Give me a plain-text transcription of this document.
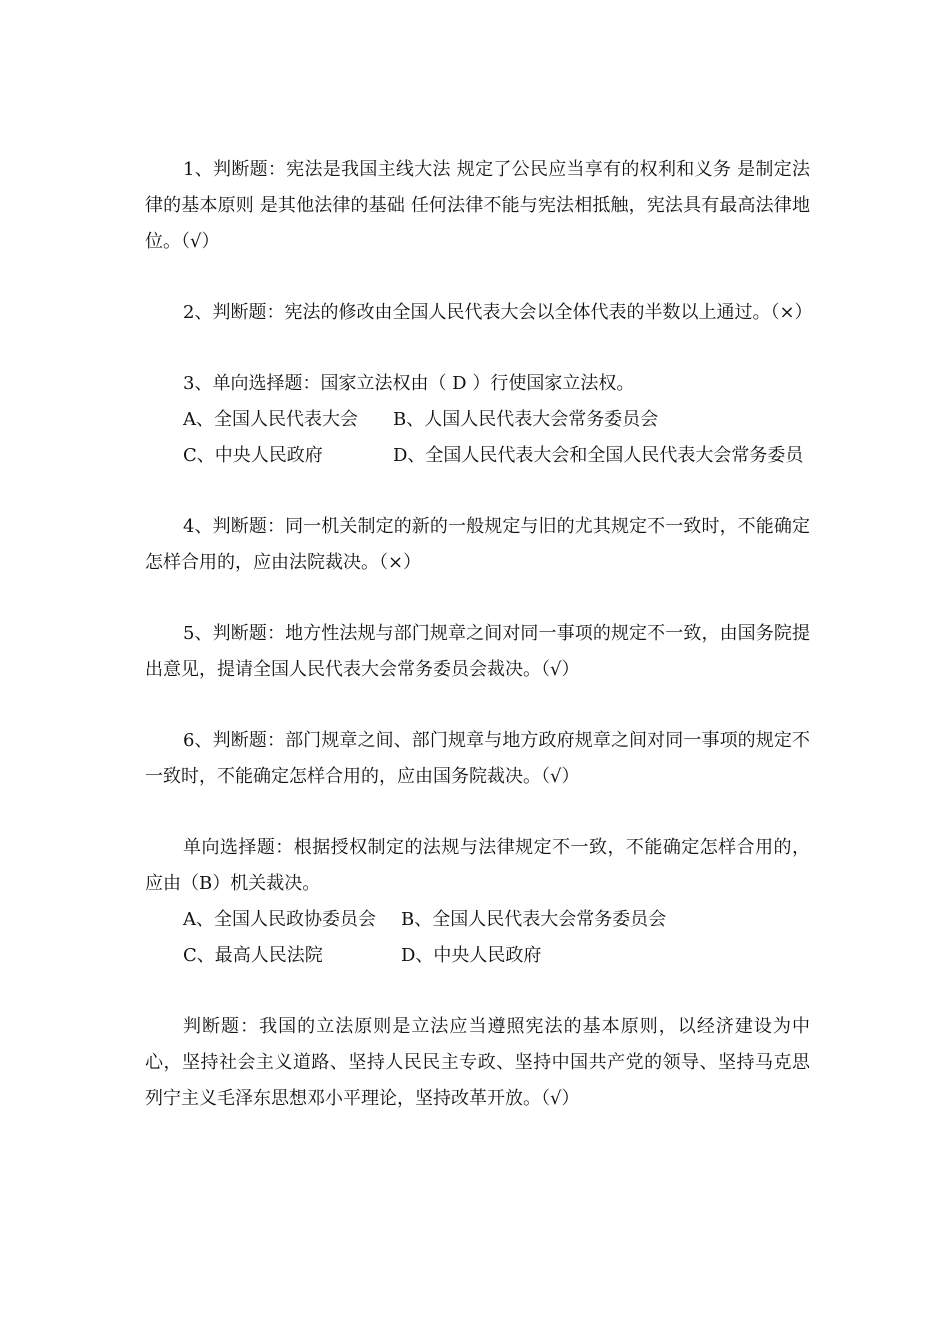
1、判断题：宪法是我国主线大法 规定了公民应当享有的权利和义务 是制定法律的基本原则 是其他法律的基础 任何法律不能与宪法相抵触，宪法具有最高法律地位。（√）

2、判断题：宪法的修改由全国人民代表大会以全体代表的半数以上通过。（×）

3、单向选择题：国家立法权由（ D ）行使国家立法权。

A、全国人民代表大会	B、人国人民代表大会常务委员会

C、中央人民政府	D、全国人民代表大会和全国人民代表大会常务委员

4、判断题：同一机关制定的新的一般规定与旧的尤其规定不一致时，不能确定怎样合用的，应由法院裁决。（×）

5、判断题：地方性法规与部门规章之间对同一事项的规定不一致，由国务院提出意见，提请全国人民代表大会常务委员会裁决。（√）

6、判断题：部门规章之间、部门规章与地方政府规章之间对同一事项的规定不一致时，不能确定怎样合用的，应由国务院裁决。（√）

单向选择题：根据授权制定的法规与法律规定不一致，不能确定怎样合用的，应由（B）机关裁决。

A、全国人民政协委员会	B、全国人民代表大会常务委员会
C、最高人民法院	D、中央人民政府

判断题：我国的立法原则是立法应当遵照宪法的基本原则，以经济建设为中心，坚持社会主义道路、坚持人民民主专政、坚持中国共产党的领导、坚持马克思列宁主义毛泽东思想邓小平理论，坚持改革开放。（√）
